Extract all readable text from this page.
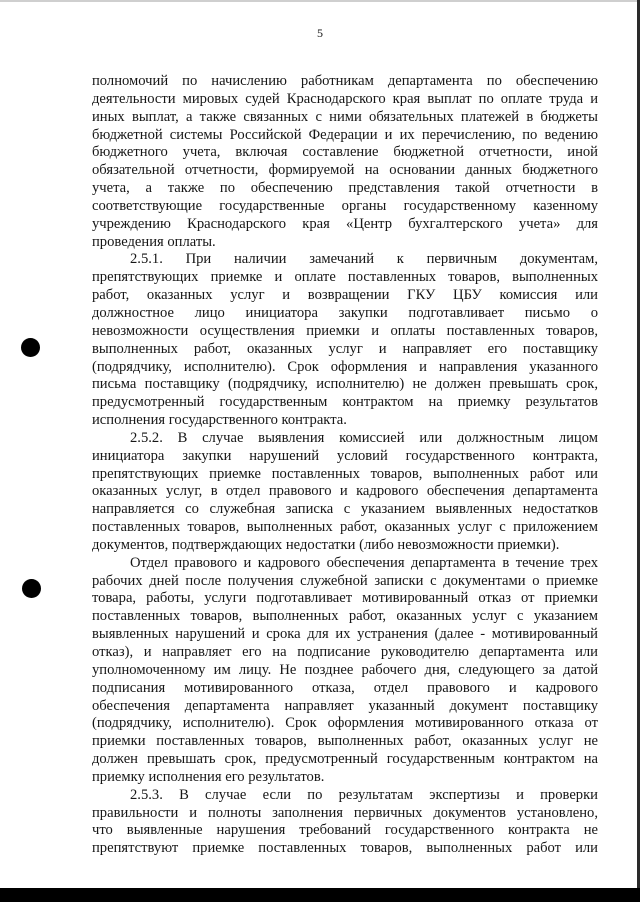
5

полномочий по начислению работникам департамента по обеспечению

деятельности мировых судей Краснодарского края выплат по оплате труда и

иных выплат, а также связанных с ними обязательных платежей в бюджеты

бюджетной системы Российской Федерации и их перечислению, по ведению

бюджетного учета, включая составление бюджетной отчетности, иной

обязательной отчетности, формируемой на основании данных бюджетного

учета, а также по обеспечению представления такой отчетности в

соответствующие государственные органы государственному казенному

учреждению Краснодарского края «Центр бухгалтерского учета» для

проведения оплаты.

2.5.1. При наличии замечаний к первичным документам,

препятствующих приемке и оплате поставленных товаров, выполненных

работ, оказанных услуг и возвращении ГКУ ЦБУ комиссия или

должностное лицо инициатора закупки подготавливает письмо о

невозможности осуществления приемки и оплаты поставленных товаров,

выполненных работ, оказанных услуг и направляет его поставщику

(подрядчику, исполнителю). Срок оформления и направления указанного

письма поставщику (подрядчику, исполнителю) не должен превышать срок,

предусмотренный государственным контрактом на приемку результатов

исполнения государственного контракта.

2.5.2. В случае выявления комиссией или должностным лицом

инициатора закупки нарушений условий государственного контракта,

препятствующих приемке поставленных товаров, выполненных работ или

оказанных услуг, в отдел правового и кадрового обеспечения департамента

направляется со служебная записка с указанием выявленных недостатков

поставленных товаров, выполненных работ, оказанных услуг с приложением

документов, подтверждающих недостатки (либо невозможности приемки).

Отдел правового и кадрового обеспечения департамента в течение трех

рабочих дней после получения служебной записки с документами о приемке

товара, работы, услуги подготавливает мотивированный отказ от приемки

поставленных товаров, выполненных работ, оказанных услуг с указанием

выявленных нарушений и срока для их устранения (далее - мотивированный

отказ), и направляет его на подписание руководителю департамента или

уполномоченному им лицу. Не позднее рабочего дня, следующего за датой

подписания мотивированного отказа, отдел правового и кадрового

обеспечения департамента направляет указанный документ поставщику

(подрядчику, исполнителю). Срок оформления мотивированного отказа от

приемки поставленных товаров, выполненных работ, оказанных услуг не

должен превышать срок, предусмотренный государственным контрактом на

приемку исполнения его результатов.

2.5.3. В случае если по результатам экспертизы и проверки

правильности и полноты заполнения первичных документов установлено,

что выявленные нарушения требований государственного контракта не

препятствуют приемке поставленных товаров, выполненных работ или
